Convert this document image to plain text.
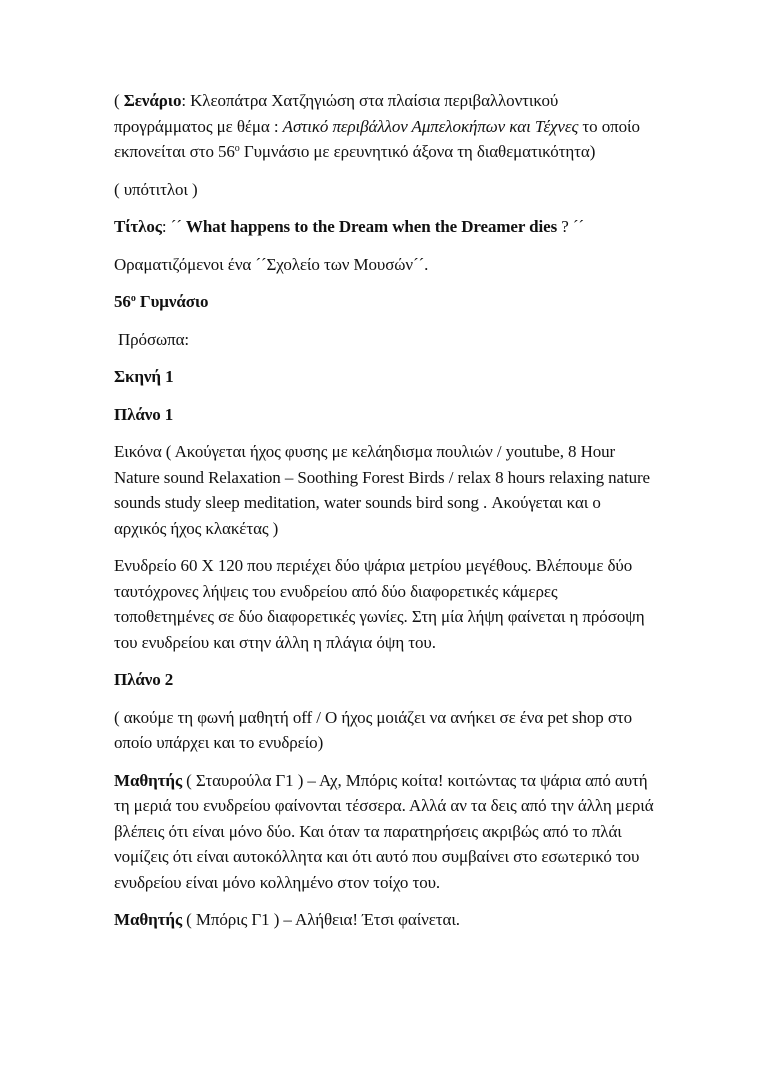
( Σενάριο: Κλεοπάτρα Χατζηγιώση στα πλαίσια περιβαλλοντικού προγράμματος με θέμα : Αστικό περιβάλλον Αμπελοκήπων και Τέχνες το οποίο εκπονείται στο $56^o$ Γυμνάσιο με ερευνητικό άξονα τη διαθεματικότητα)

( υπότιτλοι )

Τίτλος: ´´ What happens to the Dream when the Dreamer dies ? ´´

Οραματιζόμενοι ένα ´´Σχολείο των Μουσών´´.

$56^o$ Γυμνάσιο

Πρόσωπα:

Σκηνή 1

Πλάνο 1

Εικόνα ( Ακούγεται ήχος φυσης με κελάηδισμα πουλιών / youtube, 8 Hour Nature sound Relaxation – Soothing Forest Birds / relax 8 hours relaxing nature sounds study sleep meditation, water sounds bird song . Ακούγεται και ο αρχικός ήχος κλακέτας )

Ενυδρείο 60 Χ 120 που περιέχει δύο ψάρια μετρίου μεγέθους. Βλέπουμε δύο ταυτόχρονες λήψεις του ενυδρείου από δύο διαφορετικές κάμερες τοποθετημένες σε δύο διαφορετικές γωνίες. Στη μία λήψη φαίνεται η πρόσοψη του ενυδρείου και στην άλλη η πλάγια όψη του.

Πλάνο 2

( ακούμε τη φωνή μαθητή off / Ο ήχος μοιάζει να ανήκει σε ένα pet shop στο οποίο υπάρχει και το ενυδρείο)

Μαθητής ( Σταυρούλα Γ1 ) – Αχ, Μπόρις κοίτα! κοιτώντας τα ψάρια από αυτή τη μεριά του ενυδρείου φαίνονται τέσσερα. Αλλά αν τα δεις από την άλλη μεριά βλέπεις ότι είναι μόνο δύο. Και όταν τα παρατηρήσεις ακριβώς από το πλάι νομίζεις ότι είναι αυτοκόλλητα και ότι αυτό που συμβαίνει στο εσωτερικό του ενυδρείου είναι μόνο κολλημένο στον τοίχο του.

Μαθητής ( Μπόρις Γ1 ) – Αλήθεια! Έτσι φαίνεται.
